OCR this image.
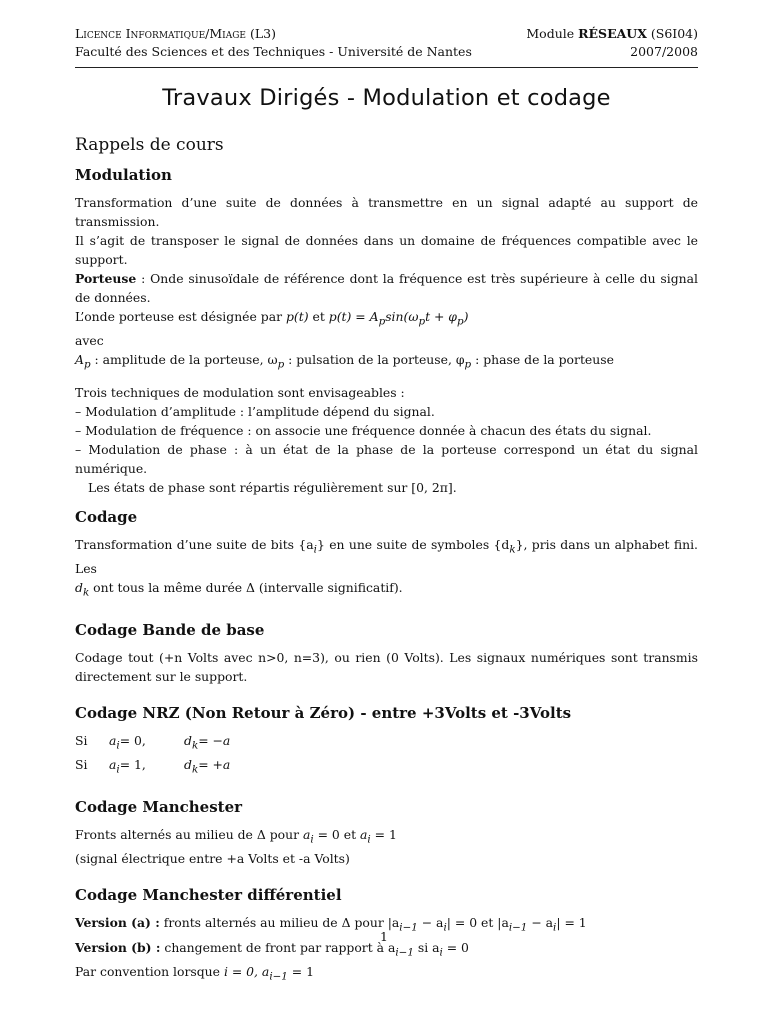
Licence Informatique/Miage (L3)	Module RÉSEAUX (S6I04)
Faculté des Sciences et des Techniques - Université de Nantes	2007/2008
Travaux Dirigés - Modulation et codage
Rappels de cours
Modulation

Transformation d’une suite de données à transmettre en un signal adapté au support de transmission.

Il s’agit de transposer le signal de données dans un domaine de fréquences compatible avec le support.

Porteuse : Onde sinusoïdale de référence dont la fréquence est très supérieure à celle du signal de données.

L’onde porteuse est désignée par p(t) et $p(t) = A_p\sin(\omega_pt + \varphi_p)$

avec

$A_p$ : amplitude de la porteuse, $\omega_p$ : pulsation de la porteuse, $\varphi_p$ : phase de la porteuse

Trois techniques de modulation sont envisageables :

– Modulation d’amplitude : l’amplitude dépend du signal.

– Modulation de fréquence : on associe une fréquence donnée à chacun des états du signal.

– Modulation de phase : à un état de la phase de la porteuse correspond un état du signal numérique.

Les états de phase sont répartis régulièrement sur [0, 2π].

Codage

Transformation d’une suite de bits $\{a_i\}$ en une suite de symboles $\{d_k\}$, pris dans un alphabet fini. Les

$d_k$ ont tous la même durée Δ (intervalle significatif).

Codage Bande de base

Codage tout (+n Volts avec n>0, n=3), ou rien (0 Volts). Les signaux numériques sont transmis directement sur le support.

Codage NRZ (Non Retour à Zéro) - entre +3Volts et -3Volts
Si $a_i= 0$,	$d_k= -a$
Si $a_i= 1$,	$d_k= +a$
Codage Manchester

Fronts alternés au milieu de Δ pour $a_i = 0$ et $a_i = 1$

(signal électrique entre +a Volts et -a Volts)

Codage Manchester différentiel

Version (a) : fronts alternés au milieu de Δ pour $|a_{i-1} - a_i| = 0$ et $|a_{i-1} - a_i| = 1$

Version (b) : changement de front par rapport à $a_{i-1}$ si $a_i = 0$

Par convention lorsque i = 0, $a_{i-1} = 1$

1
